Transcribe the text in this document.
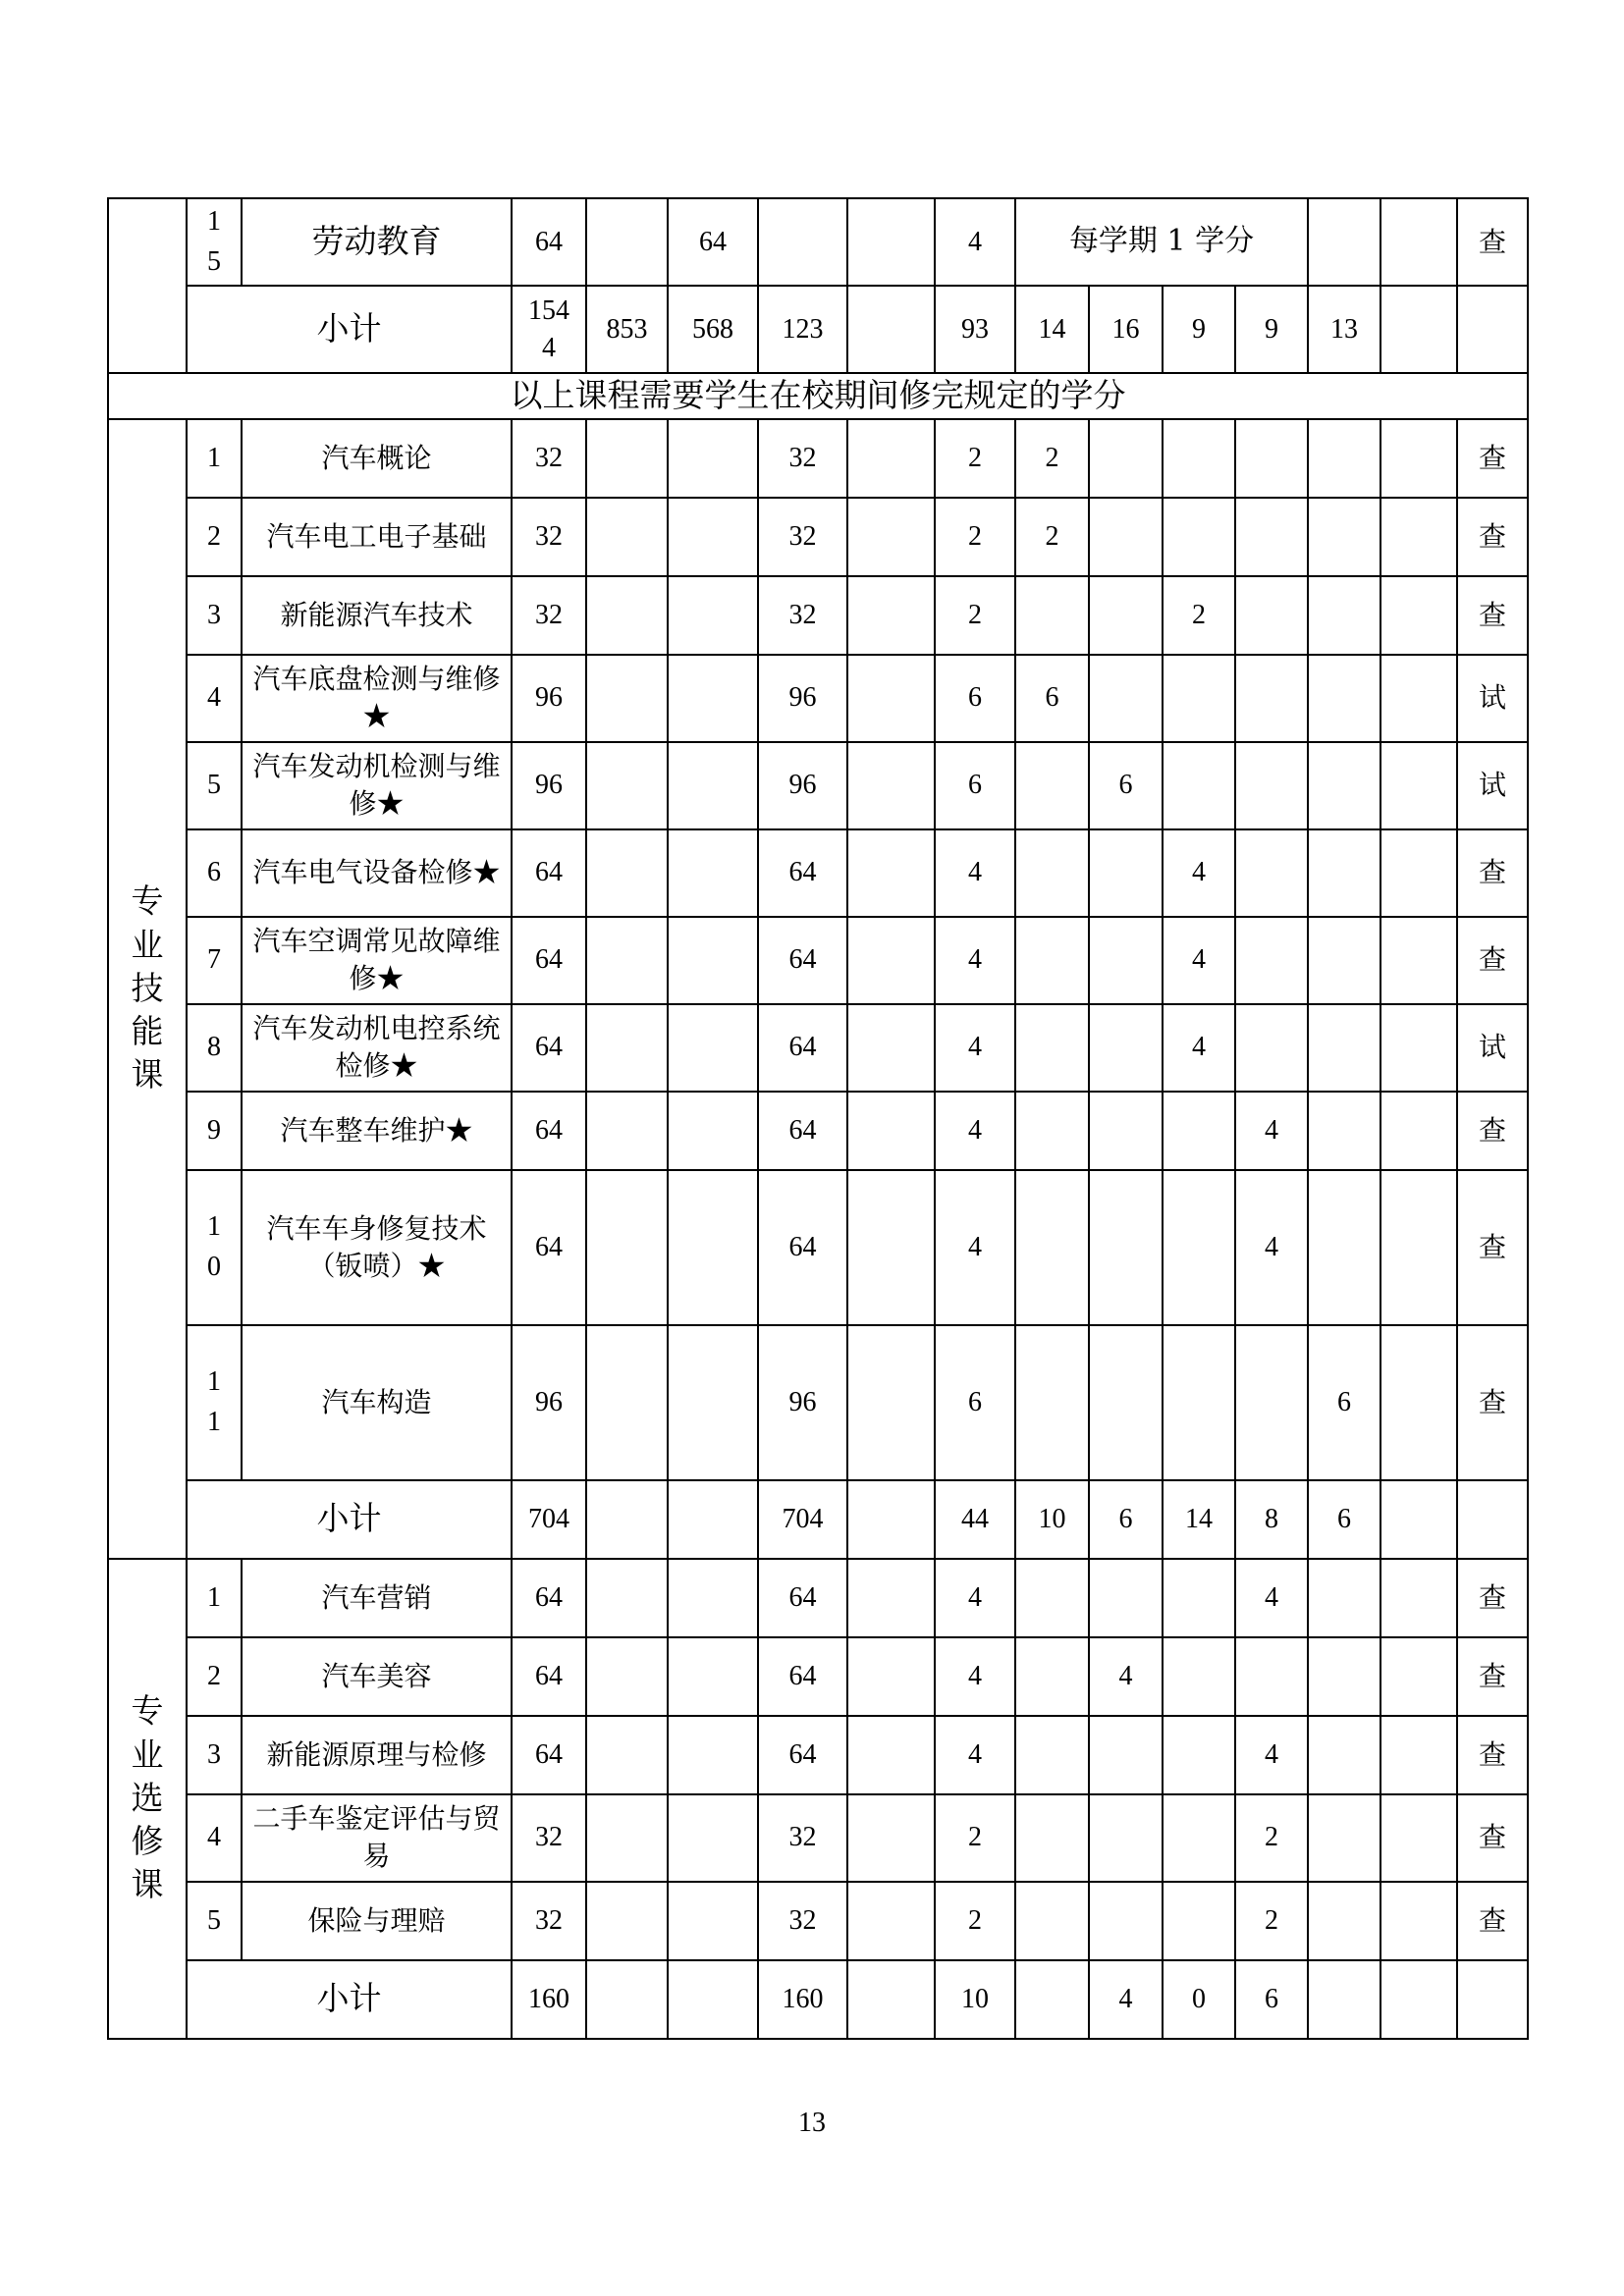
	15	劳动教育	64		64			4	每学期 1 学分						查
	小计		1544	853	568	123		93	14	16	9	9	13		
以上课程需要学生在校期间修完规定的学分															
专业技能课	1	汽车概论	32			32		2	2						查
	2	汽车电工电子基础	32			32		2	2						查
	3	新能源汽车技术	32			32		2			2				查
	4	汽车底盘检测与维修★	96			96		6	6						试
	5	汽车发动机检测与维修★	96			96		6		6					试
	6	汽车电气设备检修★	64			64		4			4				查
	7	汽车空调常见故障维修★	64			64		4			4				查
	8	汽车发动机电控系统检修★	64			64		4			4				试
	9	汽车整车维护★	64			64		4				4			查
	10	汽车车身修复技术（钣喷）★	64			64		4				4			查
	11	汽车构造	96			96		6					6		查
	小计		704			704		44	10	6	14	8	6		
专业选修课	1	汽车营销	64			64		4				4			查
	2	汽车美容	64			64		4		4					查
	3	新能源原理与检修	64			64		4				4			查
	4	二手车鉴定评估与贸易	32			32		2				2			查
	5	保险与理赔	32			32		2				2			查
	小计		160			160		10		4	0	6			
13
